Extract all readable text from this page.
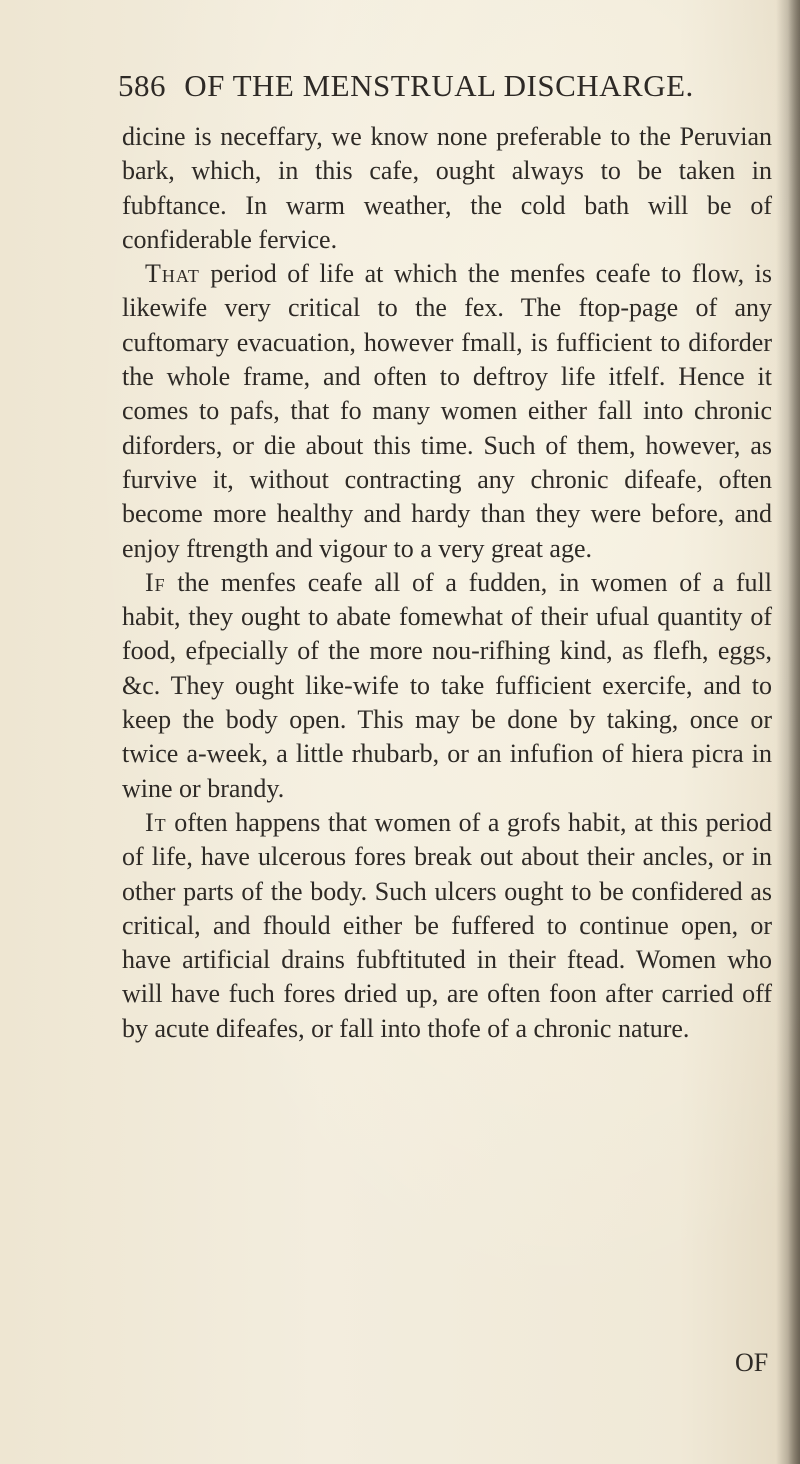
586 OF THE MENSTRUAL DISCHARGE.

dicine is neceffary, we know none preferable to the Peruvian bark, which, in this cafe, ought always to be taken in fubftance. In warm weather, the cold bath will be of confiderable fervice.

That period of life at which the menfes ceafe to flow, is likewife very critical to the fex. The ftop-page of any cuftomary evacuation, however fmall, is fufficient to diforder the whole frame, and often to deftroy life itfelf. Hence it comes to pafs, that fo many women either fall into chronic diforders, or die about this time. Such of them, however, as furvive it, without contracting any chronic difeafe, often become more healthy and hardy than they were before, and enjoy ftrength and vigour to a very great age.

If the menfes ceafe all of a fudden, in women of a full habit, they ought to abate fomewhat of their ufual quantity of food, efpecially of the more nou-rifhing kind, as flefh, eggs, &c. They ought like-wife to take fufficient exercife, and to keep the body open. This may be done by taking, once or twice a-week, a little rhubarb, or an infufion of hiera picra in wine or brandy.

It often happens that women of a grofs habit, at this period of life, have ulcerous fores break out about their ancles, or in other parts of the body. Such ulcers ought to be confidered as critical, and fhould either be fuffered to continue open, or have artificial drains fubftituted in their ftead. Women who will have fuch fores dried up, are often foon after carried off by acute difeafes, or fall into thofe of a chronic nature.

OF
